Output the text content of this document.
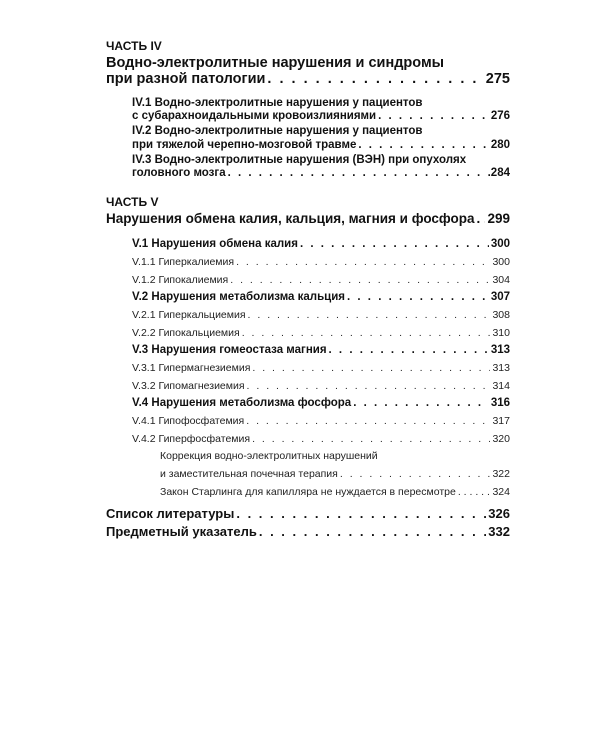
ЧАСТЬ IV
Водно-электролитные нарушения и синдромы
при разной патологии . . .	275
IV.1 Водно-электролитные нарушения у пациентов
с субарахноидальными кровоизлияниями . . .	276
IV.2 Водно-электролитные нарушения у пациентов
при тяжелой черепно-мозговой травме . . .	280
IV.3 Водно-электролитные нарушения (ВЭН) при опухолях
головного мозга . . .	.284
ЧАСТЬ V
Нарушения обмена калия, кальция, магния и фосфора . . . 299
V.1 Нарушения обмена калия . . .	300
V.1.1 Гиперкалиемия . . .	300
V.1.2 Гипокалиемия . . .	304
V.2 Нарушения метаболизма кальция . . .	307
V.2.1 Гиперкальциемия . . .	308
V.2.2 Гипокальциемия . . .	310
V.3 Нарушения гомеостаза магния . . .	313
V.3.1 Гипермагнезиемия . . .	313
V.3.2 Гипомагнезиемия . . .	314
V.4 Нарушения метаболизма фосфора . . .	316
V.4.1 Гипофосфатемия . . .	317
V.4.2 Гиперфосфатемия . . .	320
Коррекция водно-электролитных нарушений
и заместительная почечная терапия . . .	322
Закон Старлинга для капилляра не нуждается в пересмотре . . .	324
Список литературы . . .	326
Предметный указатель . . .	332
